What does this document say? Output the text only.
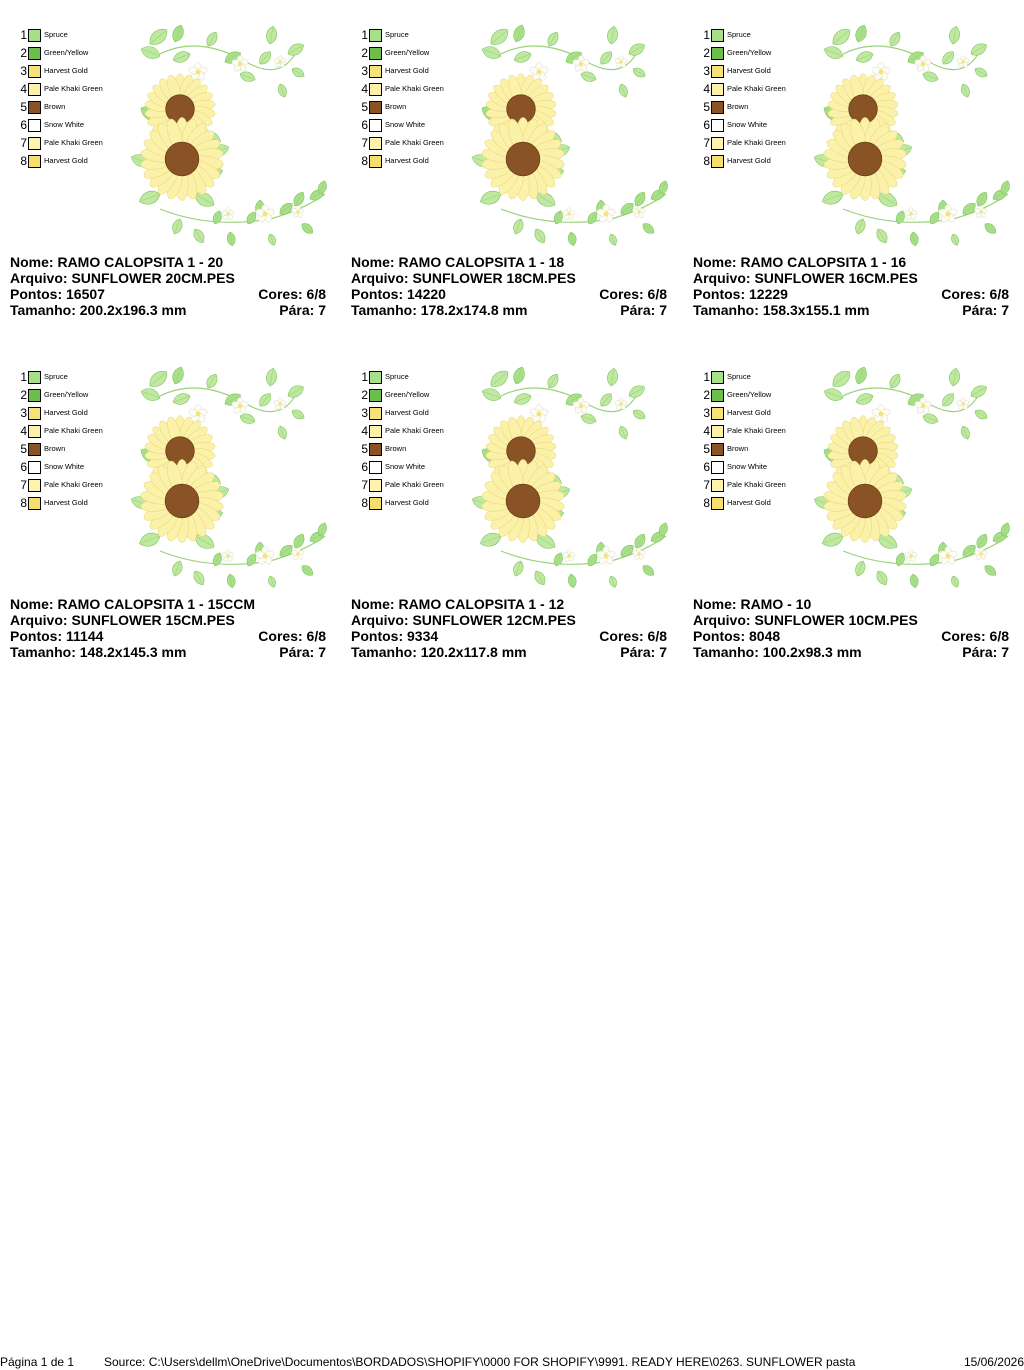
1 Spruce
2 Green/Yellow
3 Harvest Gold
4 Pale Khaki Green
5 Brown
6 Snow White
7 Pale Khaki Green
8 Harvest Gold
Nome: RAMO CALOPSITA 1 - 20
Arquivo: SUNFLOWER 20CM.PES
Pontos: 16507	Cores: 6/8
Tamanho: 200.2x196.3 mm	Pára: 7
1 Spruce
2 Green/Yellow
3 Harvest Gold
4 Pale Khaki Green
5 Brown
6 Snow White
7 Pale Khaki Green
8 Harvest Gold
Nome: RAMO CALOPSITA 1 - 18
Arquivo: SUNFLOWER 18CM.PES
Pontos: 14220	Cores: 6/8
Tamanho: 178.2x174.8 mm	Pára: 7
1 Spruce
2 Green/Yellow
3 Harvest Gold
4 Pale Khaki Green
5 Brown
6 Snow White
7 Pale Khaki Green
8 Harvest Gold
Nome: RAMO CALOPSITA 1 - 16
Arquivo: SUNFLOWER 16CM.PES
Pontos: 12229	Cores: 6/8
Tamanho: 158.3x155.1 mm	Pára: 7
1 Spruce
2 Green/Yellow
3 Harvest Gold
4 Pale Khaki Green
5 Brown
6 Snow White
7 Pale Khaki Green
8 Harvest Gold
Nome: RAMO CALOPSITA 1 - 15CCM
Arquivo: SUNFLOWER 15CM.PES
Pontos: 11144	Cores: 6/8
Tamanho: 148.2x145.3 mm	Pára: 7
1 Spruce
2 Green/Yellow
3 Harvest Gold
4 Pale Khaki Green
5 Brown
6 Snow White
7 Pale Khaki Green
8 Harvest Gold
Nome: RAMO CALOPSITA 1 - 12
Arquivo: SUNFLOWER 12CM.PES
Pontos: 9334	Cores: 6/8
Tamanho: 120.2x117.8 mm	Pára: 7
1 Spruce
2 Green/Yellow
3 Harvest Gold
4 Pale Khaki Green
5 Brown
6 Snow White
7 Pale Khaki Green
8 Harvest Gold
Nome: RAMO - 10
Arquivo: SUNFLOWER 10CM.PES
Pontos: 8048	Cores: 6/8
Tamanho: 100.2x98.3 mm	Pára: 7
Página 1 de 1 Source: C:\Users\dellm\OneDrive\Documentos\BORDADOS\SHOPIFY\0000 FOR SHOPIFY\9991. READY HERE\0263. SUNFLOWER pasta	15/06/2026
